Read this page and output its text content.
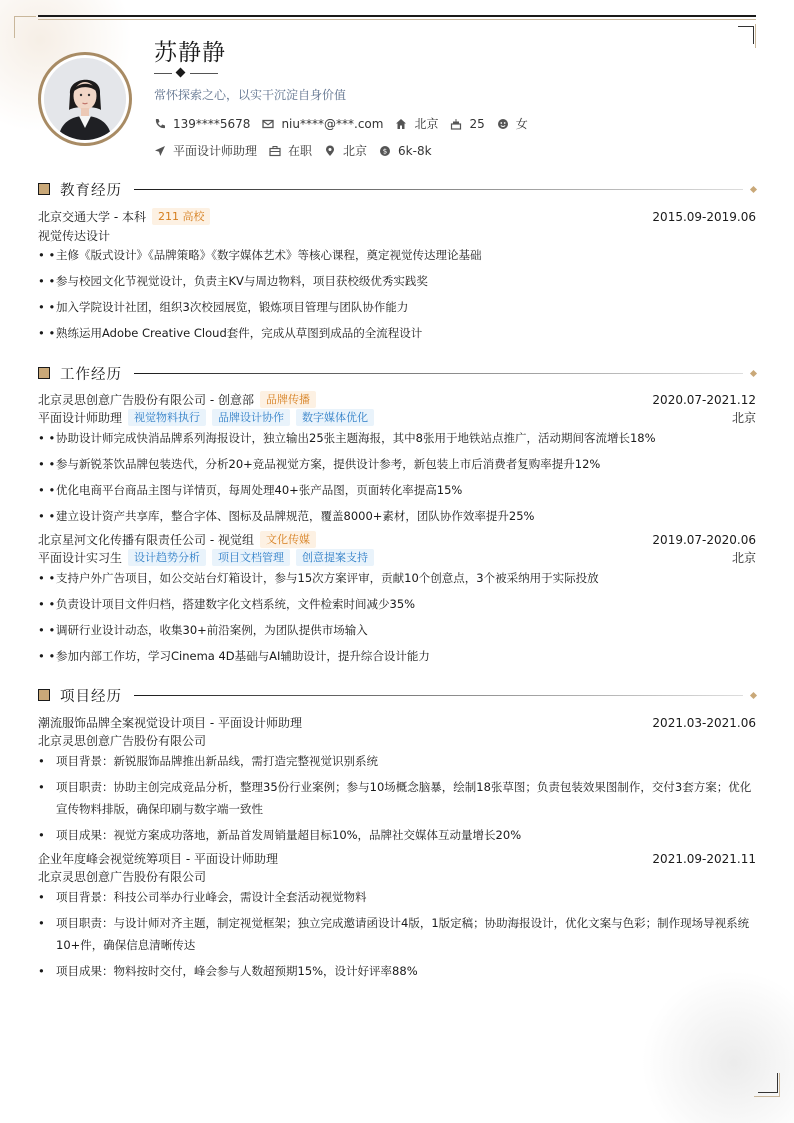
苏静静
常怀探索之心，以实干沉淀自身价值
139****5678	niu****@***.com	北京	25	女
平面设计师助理	在职	北京 $ 6k-8k
教育经历
北京交通大学 - 本科	211 高校	2015.09-2019.06
视觉传达设计
• • 主修《版式设计》《品牌策略》《数字媒体艺术》等核心课程，奠定视觉传达理论基础
• • 参与校园文化节视觉设计，负责主KV与周边物料，项目获校级优秀实践奖
• • 加入学院设计社团，组织3次校园展览，锻炼项目管理与团队协作能力
• • 熟练运用Adobe Creative Cloud套件，完成从草图到成品的全流程设计
工作经历
北京灵思创意广告股份有限公司 - 创意部	品牌传播	2020.07-2021.12
平面设计师助理	视觉物料执行	品牌设计协作	数字媒体优化	北京
• • 协助设计师完成快消品牌系列海报设计，独立输出25张主题海报，其中8张用于地铁站点推广，活动期间客流增长18%
• • 参与新锐茶饮品牌包装迭代，分析20+竞品视觉方案，提供设计参考，新包装上市后消费者复购率提升12%
• • 优化电商平台商品主图与详情页，每周处理40+张产品图，页面转化率提高15%
• • 建立设计资产共享库，整合字体、图标及品牌规范，覆盖8000+素材，团队协作效率提升25%
北京星河文化传播有限责任公司 - 视觉组	文化传媒	2019.07-2020.06
平面设计实习生	设计趋势分析	项目文档管理	创意提案支持	北京
• • 支持户外广告项目，如公交站台灯箱设计，参与15次方案评审，贡献10个创意点，3个被采纳用于实际投放
• • 负责设计项目文件归档，搭建数字化文档系统，文件检索时间减少35%
• • 调研行业设计动态，收集30+前沿案例，为团队提供市场输入
• • 参加内部工作坊，学习Cinema 4D基础与AI辅助设计，提升综合设计能力
项目经历
潮流服饰品牌全案视觉设计项目 - 平面设计师助理	2021.03-2021.06
北京灵思创意广告股份有限公司
• 项目背景：新锐服饰品牌推出新品线，需打造完整视觉识别系统
• 项目职责：协助主创完成竞品分析，整理35份行业案例；参与10场概念脑暴，绘制18张草图；负责包装效果图制作，交付3套方案；优化宣传物料排版，确保印刷与数字端一致性
• 项目成果：视觉方案成功落地，新品首发周销量超目标10%，品牌社交媒体互动量增长20%
企业年度峰会视觉统筹项目 - 平面设计师助理	2021.09-2021.11
北京灵思创意广告股份有限公司
• 项目背景：科技公司举办行业峰会，需设计全套活动视觉物料
• 项目职责：与设计师对齐主题，制定视觉框架；独立完成邀请函设计4版，1版定稿；协助海报设计，优化文案与色彩；制作现场导视系统10+件，确保信息清晰传达
• 项目成果：物料按时交付，峰会参与人数超预期15%，设计好评率88%
